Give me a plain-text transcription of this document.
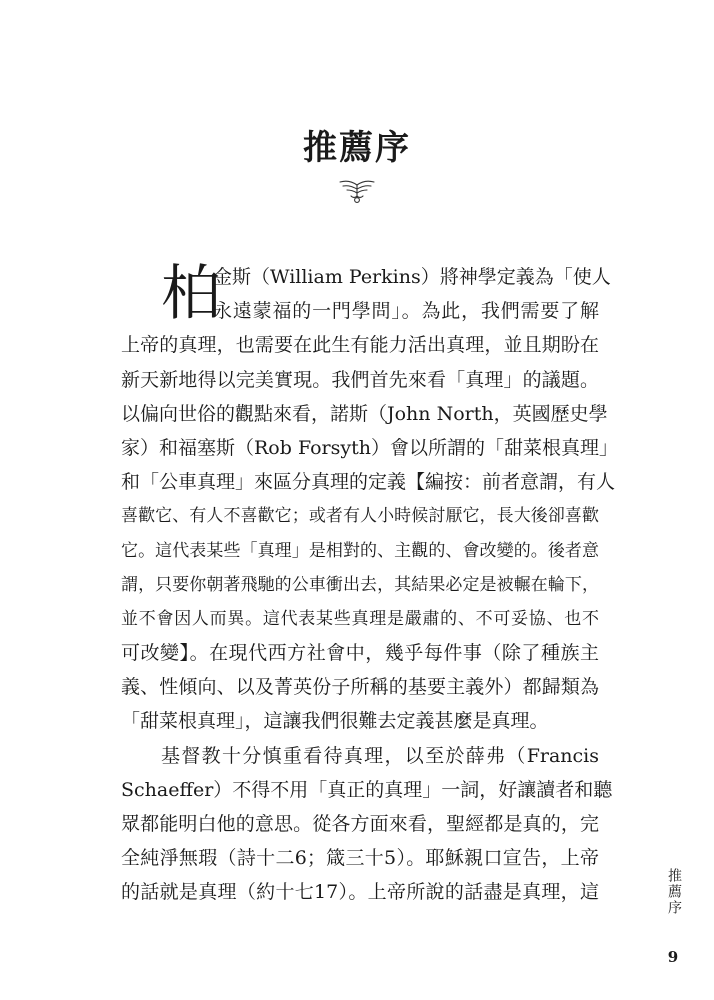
推薦序
柏
金斯（William Perkins）將神學定義為「使人
永遠蒙福的一門學問」。為此，我們需要了解
上帝的真理，也需要在此生有能力活出真理，並且期盼在
新天新地得以完美實現。我們首先來看「真理」的議題。
以偏向世俗的觀點來看，諾斯（John North，英國歷史學
家）和福塞斯（Rob Forsyth）會以所謂的「甜菜根真理」
和「公車真理」來區分真理的定義【編按：前者意謂，有人
喜歡它、有人不喜歡它；或者有人小時候討厭它，長大後卻喜歡
它。這代表某些「真理」是相對的、主觀的、會改變的。後者意
謂，只要你朝著飛馳的公車衝出去，其結果必定是被輾在輪下，
並不會因人而異。這代表某些真理是嚴肅的、不可妥協、也不
可改變】。在現代西方社會中，幾乎每件事（除了種族主
義、性傾向、以及菁英份子所稱的基要主義外）都歸類為
「甜菜根真理」，這讓我們很難去定義甚麼是真理。
基督教十分慎重看待真理，以至於薛弗（Francis
Schaeffer）不得不用「真正的真理」一詞，好讓讀者和聽
眾都能明白他的意思。從各方面來看，聖經都是真的，完
全純淨無瑕（詩十二6；箴三十5）。耶穌親口宣告，上帝
的話就是真理（約十七17）。上帝所說的話盡是真理，這	推薦序
9
